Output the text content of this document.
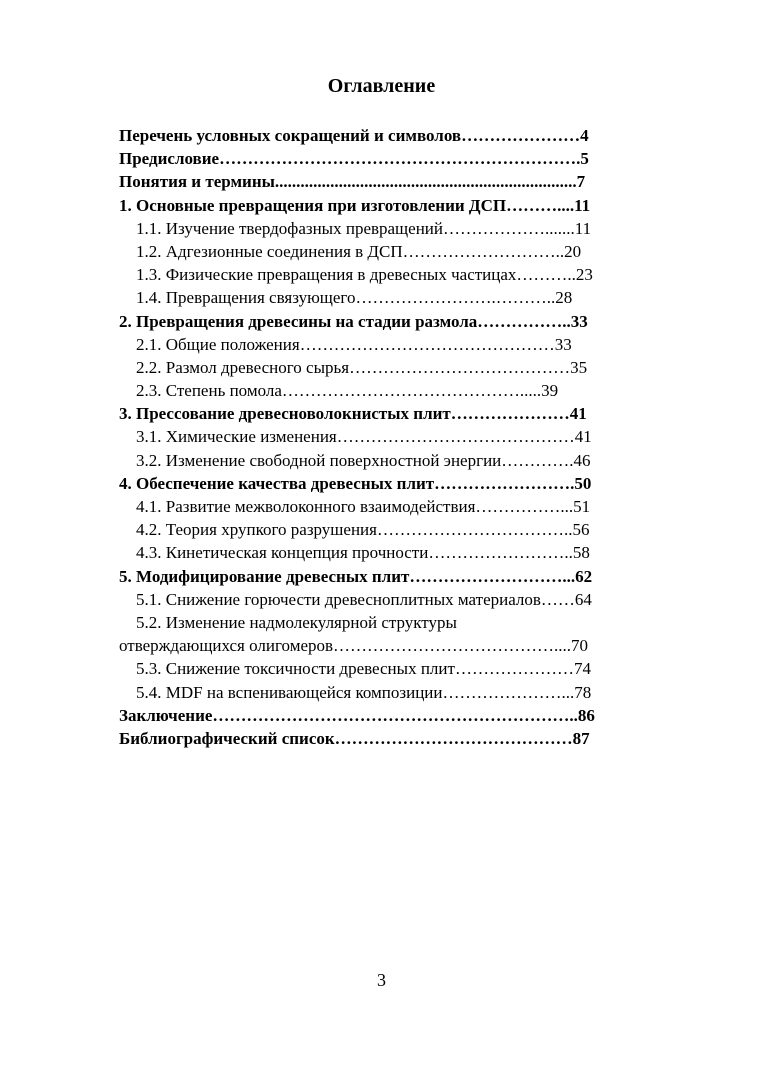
Оглавление
Перечень условных сокращений и символов…………………4
Предисловие……………………………………………………….5
Понятия и термины.......................................................................7
1. Основные превращения при изготовлении ДСП………....11
1.1. Изучение твердофазных превращений……………….......11
1.2. Адгезионные соединения в ДСП………………………..20
1.3. Физические превращения в древесных частицах………..23
1.4. Превращения связующего…………………….………..28
2. Превращения древесины на стадии размола……………..33
2.1. Общие положения………………………………………33
2.2. Размол древесного сырья…………………………………35
2.3. Степень помола…………………………………….....39
3. Прессование древесноволокнистых плит…………………41
3.1. Химические изменения……………………………………41
3.2. Изменение свободной поверхностной энергии………….46
4. Обеспечение качества древесных плит…………………….50
4.1. Развитие межволоконного взаимодействия……………...51
4.2. Теория хрупкого разрушения……………………………..56
4.3. Кинетическая концепция прочности……………………..58
5. Модифицирование древесных плит………………………...62
5.1. Снижение горючести древесноплитных материалов……64
5.2. Изменение надмолекулярной структуры
отверждающихся олигомеров…………………………………....70
5.3. Снижение токсичности древесных плит…………………74
5.4. MDF на вспенивающейся композиции…………………...78
Заключение………………………………………………………..86
Библиографический список……………………………………87
3
